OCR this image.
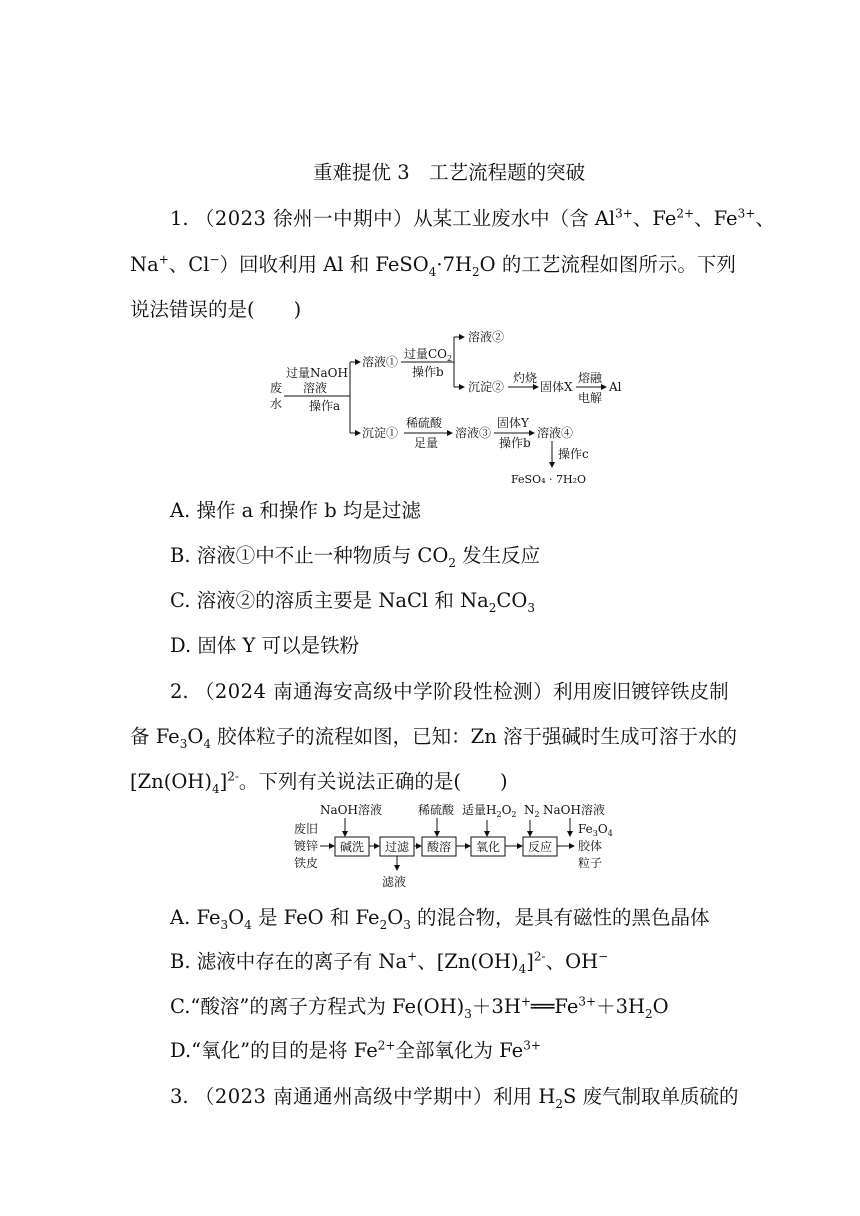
重难提优 3　工艺流程题的突破
1. （2023 徐州一中期中）从某工业废水中（含 $Al^{3+}$、$Fe^{2+}$、$Fe^{3+}$、
Na+、Cl−）回收利用 Al 和 $FeSO_4\cdot 7H_2O$ 的工艺流程如图所示。下列
说法错误的是(　　)
废
水
过量NaOH
溶液
操作a
溶液①
过量$CO_2$
操作b
溶液②
沉淀②
灼烧
固体X
熔融
电解
Al
沉淀①
稀硫酸
足量
溶液③
固体Y
操作b
溶液④
操作c
FeSO₄ · 7H₂O
A. 操作 a 和操作 b 均是过滤
B. 溶液①中不止一种物质与 $CO_2$ 发生反应
C. 溶液②的溶质主要是 NaCl 和 $Na_2CO_3$
D. 固体 Y 可以是铁粉
2. （2024 南通海安高级中学阶段性检测）利用废旧镀锌铁皮制
备 $Fe_3O_4$ 胶体粒子的流程如图，已知：Zn 溶于强碱时生成可溶于水的
$[Zn(OH)_4]^{2-}$。下列有关说法正确的是(　　)
NaOH溶液	稀硫酸 适量$H_2O_2$ $N_2$ NaOH溶液
废旧
镀锌
铁皮
碱洗 过滤
滤液
酸溶 氧化 反应
$Fe_3O_4$
胶体
粒子
A. $Fe_3O_4$ 是 FeO 和 $Fe_2O_3$ 的混合物，是具有磁性的黑色晶体
B. 滤液中存在的离子有 Na+、$[Zn(OH)_4]^{2-}$、OH−
C.“酸溶”的离子方程式为 $Fe(OH)_3+3H^+══Fe^{3+}+3H_2O$
D.“氧化”的目的是将 $Fe^{2+}$全部氧化为 $Fe^{3+}$
3. （2023 南通通州高级中学期中）利用 $H_2S$ 废气制取单质硫的
